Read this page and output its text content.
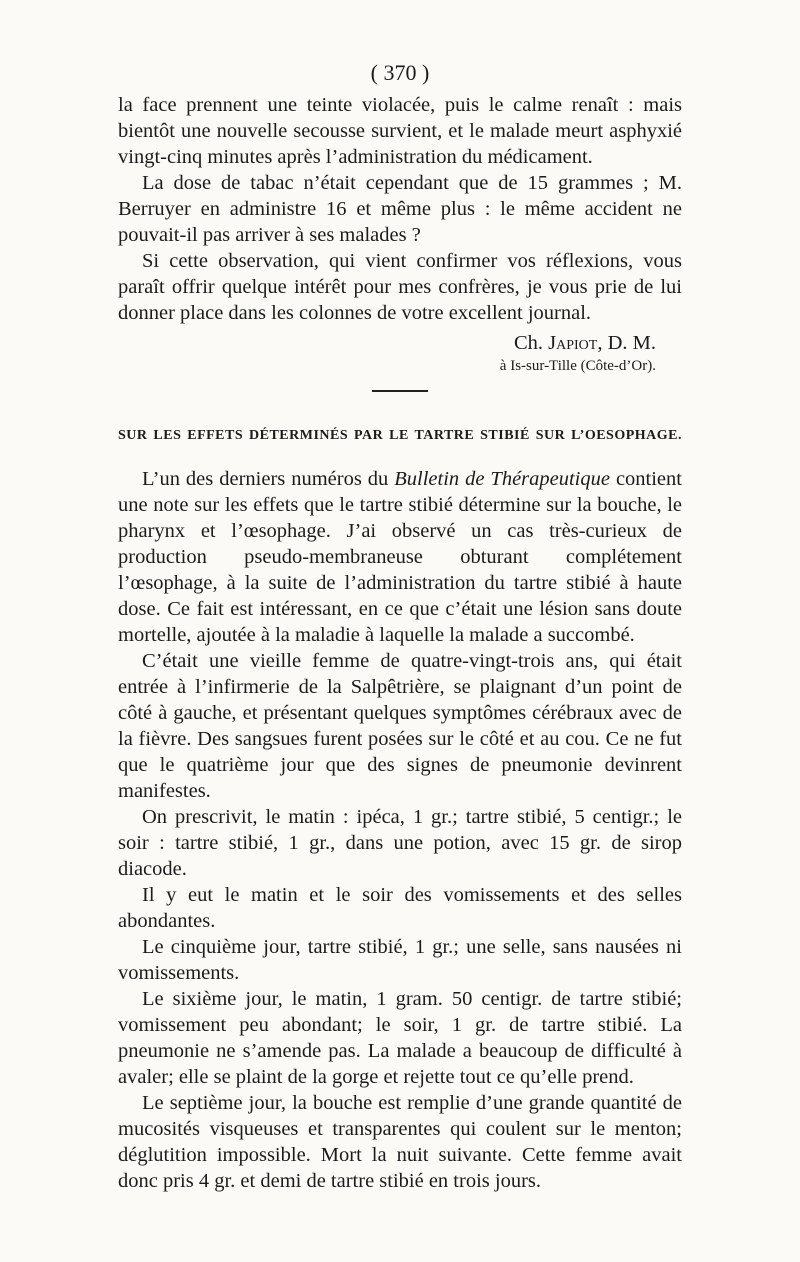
( 370 )

la face prennent une teinte violacée, puis le calme renaît : mais bientôt une nouvelle secousse survient, et le malade meurt asphyxié vingt-cinq minutes après l’administration du médicament.

La dose de tabac n’était cependant que de 15 grammes ; M. Berruyer en administre 16 et même plus : le même accident ne pouvait-il pas arriver à ses malades ?

Si cette observation, qui vient confirmer vos réflexions, vous paraît offrir quelque intérêt pour mes confrères, je vous prie de lui donner place dans les colonnes de votre excellent journal.

Ch. Japiot, D. M.
à Is-sur-Tille (Côte-d’Or).
SUR LES EFFETS DÉTERMINÉS PAR LE TARTRE STIBIÉ SUR L’OESOPHAGE.

L’un des derniers numéros du Bulletin de Thérapeutique contient une note sur les effets que le tartre stibié détermine sur la bouche, le pharynx et l’œsophage. J’ai observé un cas très-curieux de production pseudo-membraneuse obturant complétement l’œsophage, à la suite de l’administration du tartre stibié à haute dose. Ce fait est intéressant, en ce que c’était une lésion sans doute mortelle, ajoutée à la maladie à laquelle la malade a succombé.

C’était une vieille femme de quatre-vingt-trois ans, qui était entrée à l’infirmerie de la Salpêtrière, se plaignant d’un point de côté à gauche, et présentant quelques symptômes cérébraux avec de la fièvre. Des sangsues furent posées sur le côté et au cou. Ce ne fut que le quatrième jour que des signes de pneumonie devinrent manifestes.

On prescrivit, le matin : ipéca, 1 gr.; tartre stibié, 5 centigr.; le soir : tartre stibié, 1 gr., dans une potion, avec 15 gr. de sirop diacode.

Il y eut le matin et le soir des vomissements et des selles abondantes.

Le cinquième jour, tartre stibié, 1 gr.; une selle, sans nausées ni vomissements.

Le sixième jour, le matin, 1 gram. 50 centigr. de tartre stibié; vomissement peu abondant; le soir, 1 gr. de tartre stibié. La pneumonie ne s’amende pas. La malade a beaucoup de difficulté à avaler; elle se plaint de la gorge et rejette tout ce qu’elle prend.

Le septième jour, la bouche est remplie d’une grande quantité de mucosités visqueuses et transparentes qui coulent sur le menton; déglutition impossible. Mort la nuit suivante. Cette femme avait donc pris 4 gr. et demi de tartre stibié en trois jours.
